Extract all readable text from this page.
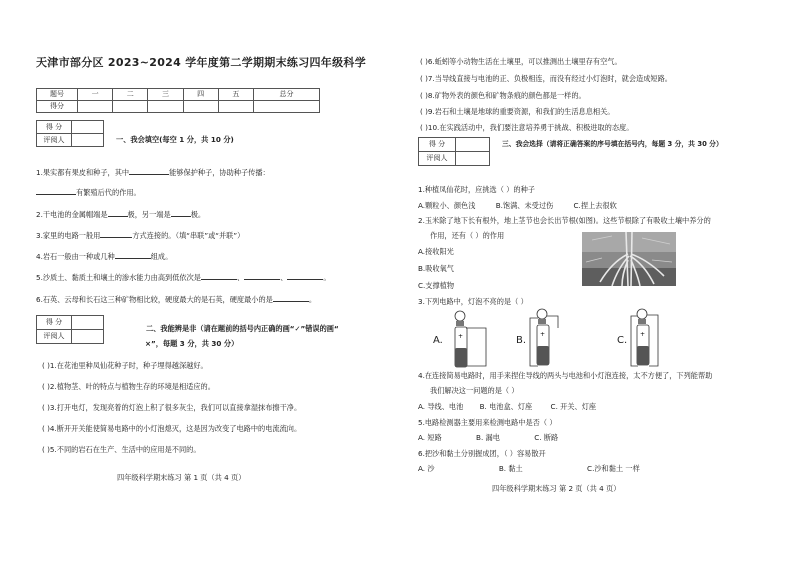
天津市部分区 2023~2024 学年度第二学期期末练习四年级科学
题号	一	二	三	四	五	总分
得分						
得 分	
评阅人		一、我会填空(每空 1 分，共 10 分)
1.果实都有果皮和种子，其中	能够保护种子，协助种子传播：
有繁殖后代的作用。
2.干电池的金属帽端是	极，另一端是	极。
3.家里的电路一般用	方式连接的。（填“串联”或“并联”）
4.岩石一般由一种或几种	组成。
5.沙质土、黏质土和壤土的渗水能力由高到低依次是	、	、	。
6.石英、云母和长石这三种矿物相比较，硬度最大的是石英，硬度最小的是	。
得 分	
评阅人	
二、我能辨是非（请在题前的括号内正确的画“✓”错误的画“
×”，每题 3 分，共 30 分）
( )1.在花池里种凤仙花种子时，种子埋得越深越好。
( )2.植物茎、叶的特点与植物生存的环境是相适应的。
( )3.打开电灯，发现亮着的灯泡上积了很多灰尘，我们可以直接拿湿抹布擦干净。
( )4.断开开关能使简易电路中的小灯泡熄灭，这是因为改变了电路中的电流流向。
( )5.不同的岩石在生产、生活中的应用是不同的。
四年级科学期末练习 第 1 页（共 4 页）
( )6.蚯蚓等小动物生活在土壤里，可以推测出土壤里存有空气。
( )7.当导线直接与电池的正、负极相连，而没有经过小灯泡时，就会造成短路。
( )8.矿物外表的颜色和矿物条痕的颜色都是一样的。
( )9.岩石和土壤是地球的重要资源，和我们的生活息息相关。
( )10.在实践活动中，我们要注意培养勇于挑战、积极进取的态度。
得 分	
评阅人	
三、我会选择（请将正确答案的序号填在括号内，每题 3 分，共 30 分）
1.种植凤仙花时，应挑选（ ）的种子
A.颗粒小、颜色浅	B.饱满、未受过伤	C.捏上去很软
2.玉米除了地下长有根外，地上茎节也会长出节根(如图)。这些节根除了有吸收土壤中养分的
作用，还有（ ）的作用
A.接收阳光
B.吸收氧气
C.支撑植物
3.下列电路中，灯泡不亮的是（ ）
A.	+	B.
+
C.
+
4.在连接简易电路时，用手来捏住导线的两头与电池和小灯泡连接，太不方便了，下列能帮助
我们解决这一问题的是（ ）
A. 导线、电池 B. 电池盒、灯座	C. 开关、灯座
5.电路检测器主要用来检测电路中是否（ ）
A. 短路	B. 漏电	C. 断路
6.把沙和黏土分别握成团，（ ）容易散开
A. 沙	B. 黏土	C.沙和黏土 一样
四年级科学期末练习 第 2 页（共 4 页）
